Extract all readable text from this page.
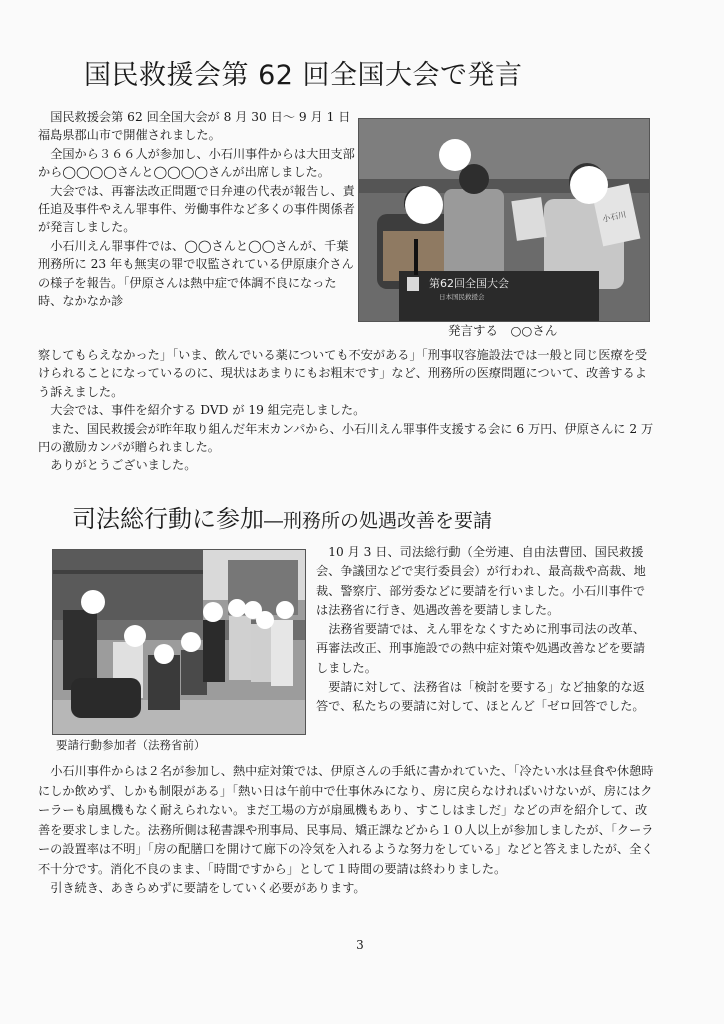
国民救援会第 62 回全国大会で発言

国民救援会第 62 回全国大会が 8 月 30 日～ 9 月 1 日福島県郡山市で開催されました。

全国から３６６人が参加し、小石川事件からは大田支部から◯◯◯◯さんと◯◯◯◯さんが出席しました。

大会では、再審法改正問題で日弁連の代表が報告し、責任追及事件やえん罪事件、労働事件など多くの事件関係者が発言しました。

小石川えん罪事件では、◯◯さんと◯◯さんが、千葉刑務所に 23 年も無実の罪で収監されている伊原康介さんの様子を報告。「伊原さんは熱中症で体調不良になった時、なかなか診

小石川
第62回全国大会
日本国民救援会
発言する　○○さん

察してもらえなかった」「いま、飲んでいる薬についても不安がある」「刑事収容施設法では一般と同じ医療を受けられることになっているのに、現状はあまりにもお粗末です」など、刑務所の医療問題について、改善するよう訴えました。

大会では、事件を紹介する DVD が 19 組完売しました。

また、国民救援会が昨年取り組んだ年末カンパから、小石川えん罪事件支援する会に 6 万円、伊原さんに 2 万円の激励カンパが贈られました。

ありがとうございました。

司法総行動に参加―刑務所の処遇改善を要請
要請行動参加者（法務省前）

10 月 3 日、司法総行動（全労連、自由法曹団、国民救援会、争議団などで実行委員会）が行われ、最高裁や高裁、地裁、警察庁、部労委などに要請を行いました。小石川事件では法務省に行き、処遇改善を要請しました。

法務省要請では、えん罪をなくすために刑事司法の改革、再審法改正、刑事施設での熱中症対策や処遇改善などを要請しました。

要請に対して、法務省は「検討を要する」など抽象的な返答で、私たちの要請に対して、ほとんど「ゼロ回答でした。

小石川事件からは２名が参加し、熱中症対策では、伊原さんの手紙に書かれていた、「冷たい水は昼食や休憩時にしか飲めず、しかも制限がある」「熱い日は午前中で仕事休みになり、房に戻らなければいけないが、房にはクーラーも扇風機もなく耐えられない。まだ工場の方が扇風機もあり、すこしはましだ」などの声を紹介して、改善を要求しました。法務所側は秘書課や刑事局、民事局、矯正課などから１０人以上が参加しましたが、「クーラーの設置率は不明」「房の配膳口を開けて廊下の冷気を入れるような努力をしている」などと答えましたが、全く不十分です。消化不良のまま、「時間ですから」として１時間の要請は終わりました。

引き続き、あきらめずに要請をしていく必要があります。

3
